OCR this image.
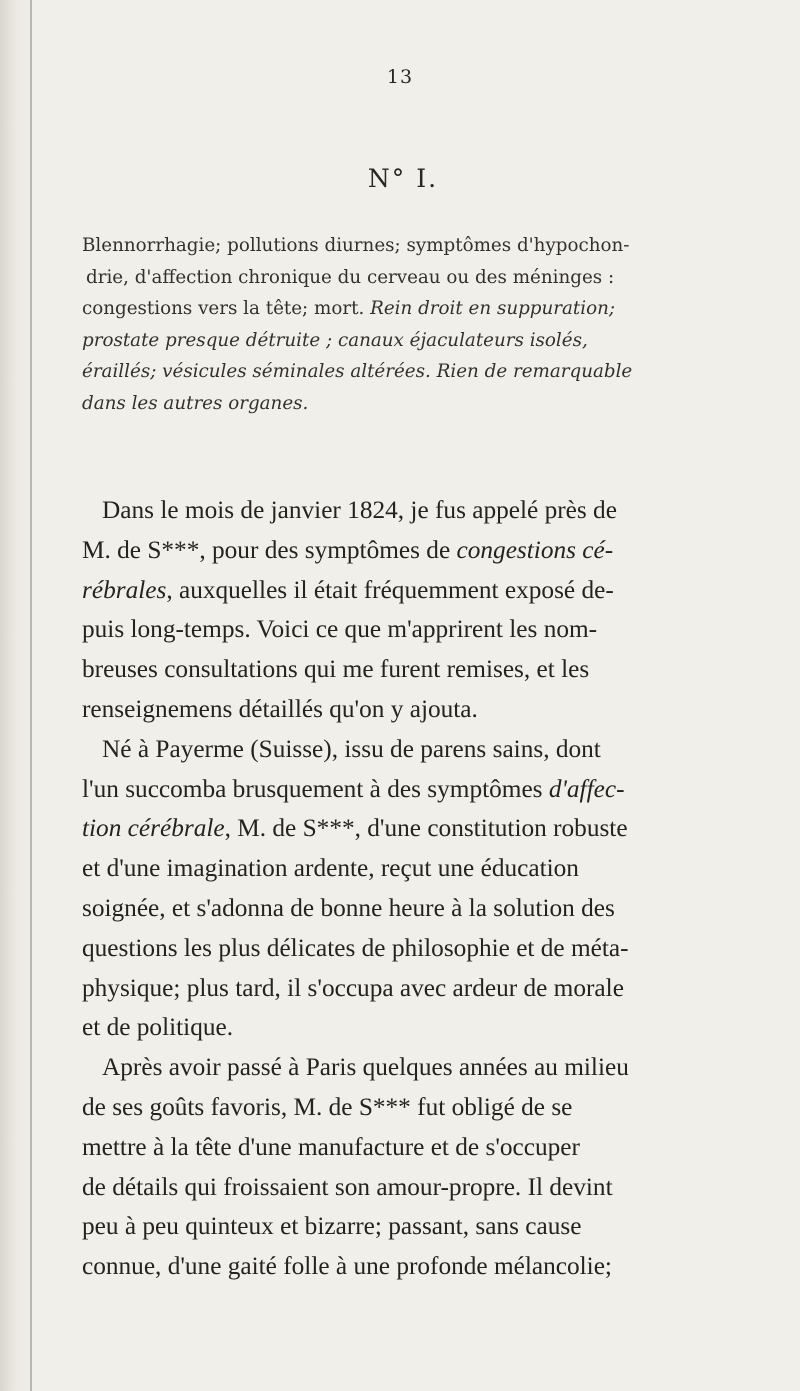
13
N° I.
Blennorrhagie; pollutions diurnes; symptômes d'hypochon-
drie, d'affection chronique du cerveau ou des méninges :
congestions vers la tête; mort. Rein droit en suppuration;
prostate presque détruite ; canaux éjaculateurs isolés,
éraillés; vésicules séminales altérées. Rien de remarquable
dans les autres organes.
Dans le mois de janvier 1824, je fus appelé près de
M. de S***, pour des symptômes de congestions cé-
rébrales, auxquelles il était fréquemment exposé de-
puis long-temps. Voici ce que m'apprirent les nom-
breuses consultations qui me furent remises, et les
renseignemens détaillés qu'on y ajouta.
Né à Payerme (Suisse), issu de parens sains, dont
l'un succomba brusquement à des symptômes d'affec-
tion cérébrale, M. de S***, d'une constitution robuste
et d'une imagination ardente, reçut une éducation
soignée, et s'adonna de bonne heure à la solution des
questions les plus délicates de philosophie et de méta-
physique; plus tard, il s'occupa avec ardeur de morale
et de politique.
Après avoir passé à Paris quelques années au milieu
de ses goûts favoris, M. de S*** fut obligé de se
mettre à la tête d'une manufacture et de s'occuper
de détails qui froissaient son amour-propre. Il devint
peu à peu quinteux et bizarre; passant, sans cause
connue, d'une gaité folle à une profonde mélancolie;
